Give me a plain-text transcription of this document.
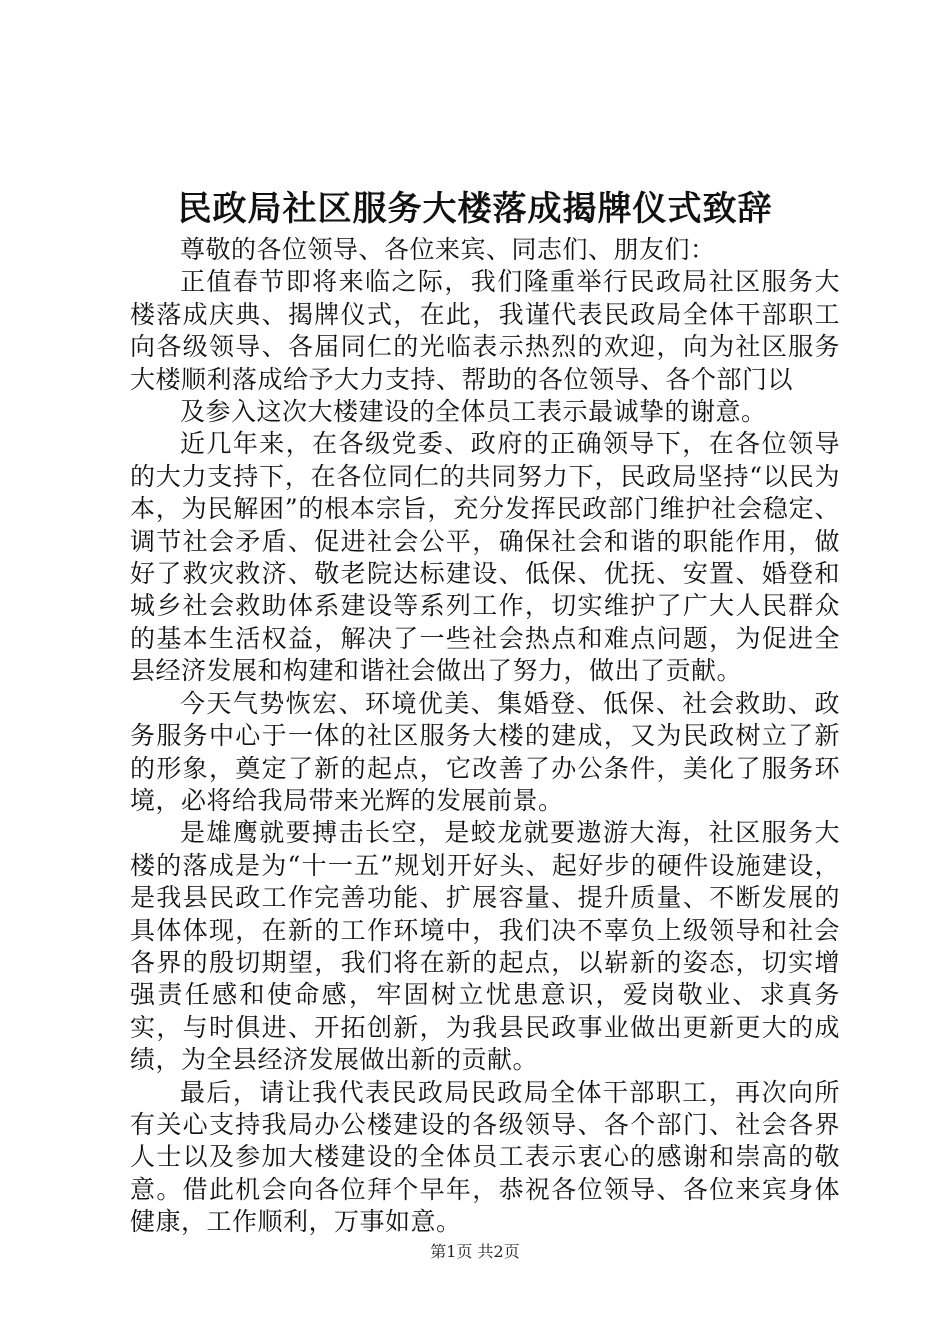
民政局社区服务大楼落成揭牌仪式致辞

尊敬的各位领导、各位来宾、同志们、朋友们：

正值春节即将来临之际，我们隆重举行民政局社区服务大楼落成庆典、揭牌仪式，在此，我谨代表民政局全体干部职工向各级领导、各届同仁的光临表示热烈的欢迎，向为社区服务大楼顺利落成给予大力支持、帮助的各位领导、各个部门以

及参入这次大楼建设的全体员工表示最诚挚的谢意。

近几年来，在各级党委、政府的正确领导下，在各位领导的大力支持下，在各位同仁的共同努力下，民政局坚持“以民为本，为民解困”的根本宗旨，充分发挥民政部门维护社会稳定、调节社会矛盾、促进社会公平，确保社会和谐的职能作用，做好了救灾救济、敬老院达标建设、低保、优抚、安置、婚登和城乡社会救助体系建设等系列工作，切实维护了广大人民群众的基本生活权益，解决了一些社会热点和难点问题，为促进全县经济发展和构建和谐社会做出了努力，做出了贡献。

今天气势恢宏、环境优美、集婚登、低保、社会救助、政务服务中心于一体的社区服务大楼的建成，又为民政树立了新的形象，奠定了新的起点，它改善了办公条件，美化了服务环境，必将给我局带来光辉的发展前景。

是雄鹰就要搏击长空，是蛟龙就要遨游大海，社区服务大楼的落成是为“十一五”规划开好头、起好步的硬件设施建设，是我县民政工作完善功能、扩展容量、提升质量、不断发展的具体体现，在新的工作环境中，我们决不辜负上级领导和社会各界的殷切期望，我们将在新的起点，以崭新的姿态，切实增强责任感和使命感，牢固树立忧患意识，爱岗敬业、求真务实，与时俱进、开拓创新，为我县民政事业做出更新更大的成绩，为全县经济发展做出新的贡献。

最后，请让我代表民政局民政局全体干部职工，再次向所有关心支持我局办公楼建设的各级领导、各个部门、社会各界人士以及参加大楼建设的全体员工表示衷心的感谢和崇高的敬意。借此机会向各位拜个早年，恭祝各位领导、各位来宾身体健康，工作顺利，万事如意。

第1页 共2页
